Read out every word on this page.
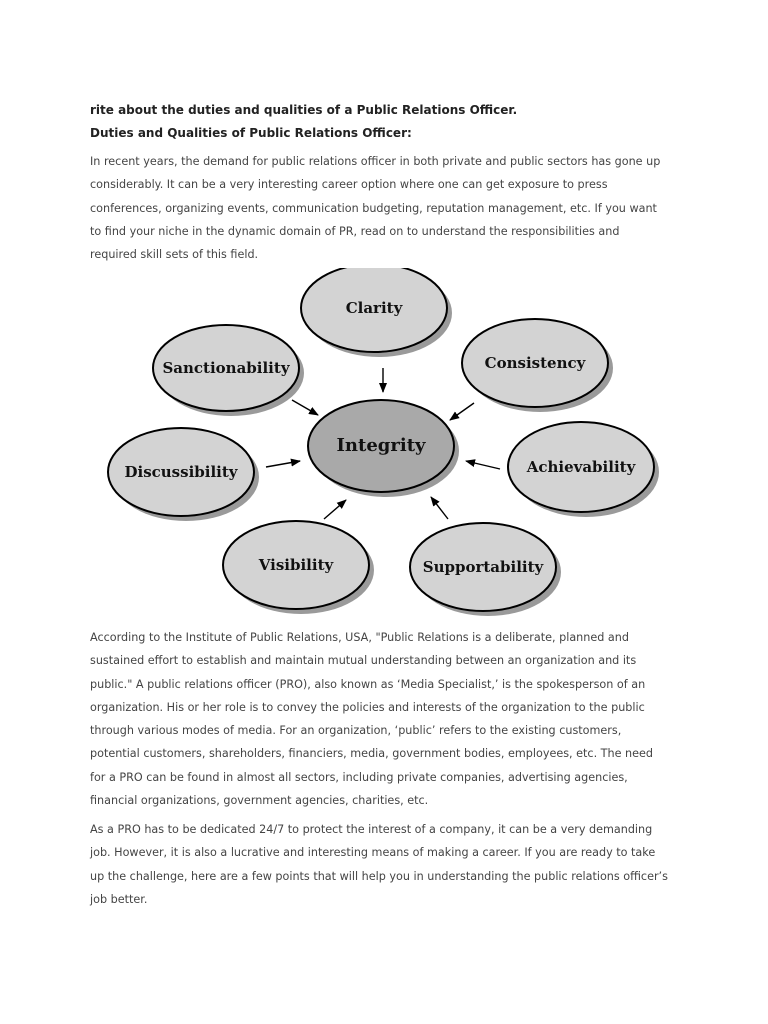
rite about the duties and qualities of a Public Relations Officer.

Duties and Qualities of Public Relations Officer:

In recent years, the demand for public relations officer in both private and public sectors has gone up
considerably. It can be a very interesting career option where one can get exposure to press
conferences, organizing events, communication budgeting, reputation management, etc. If you want
to find your niche in the dynamic domain of PR, read on to understand the responsibilities and
required skill sets of this field.

Integrity
Clarity
Consistency
Achievability
Supportability
Visibility
Discussibility
Sanctionability

According to the Institute of Public Relations, USA, "Public Relations is a deliberate, planned and
sustained effort to establish and maintain mutual understanding between an organization and its
public." A public relations officer (PRO), also known as ‘Media Specialist,’ is the spokesperson of an
organization. His or her role is to convey the policies and interests of the organization to the public
through various modes of media. For an organization, ‘public’ refers to the existing customers,
potential customers, shareholders, financiers, media, government bodies, employees, etc. The need
for a PRO can be found in almost all sectors, including private companies, advertising agencies,
financial organizations, government agencies, charities, etc.

As a PRO has to be dedicated 24/7 to protect the interest of a company, it can be a very demanding
job. However, it is also a lucrative and interesting means of making a career. If you are ready to take
up the challenge, here are a few points that will help you in understanding the public relations officer’s
job better.
